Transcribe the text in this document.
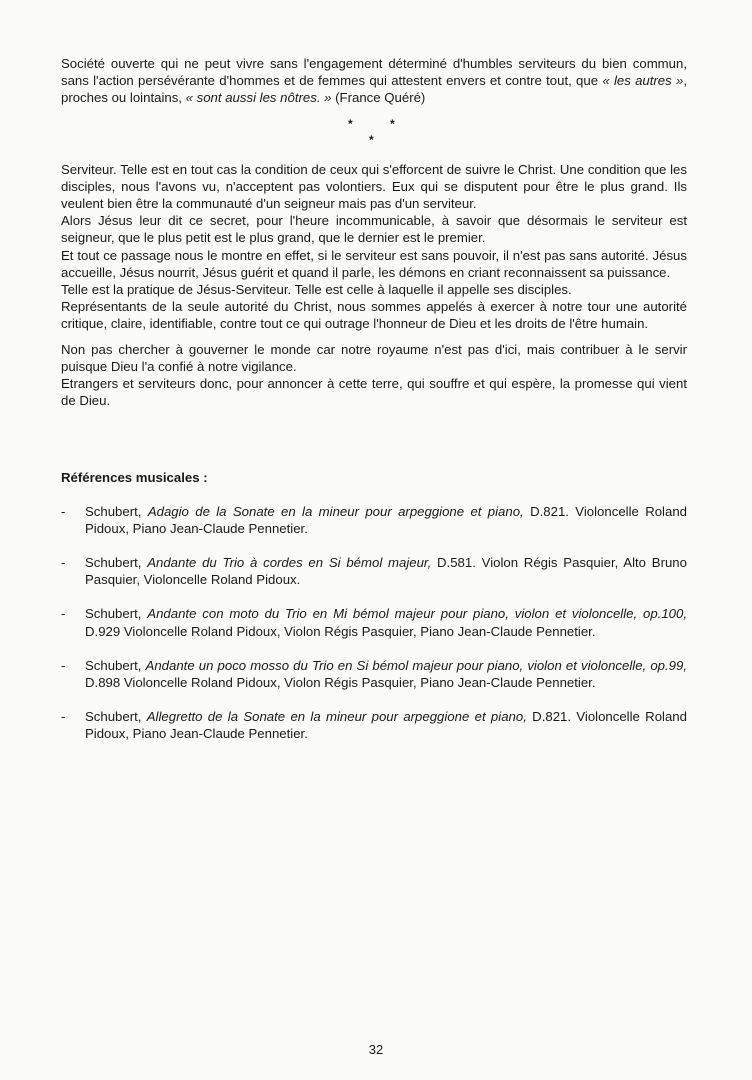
Société ouverte qui ne peut vivre sans l'engagement déterminé d'humbles serviteurs du bien commun, sans l'action persévérante d'hommes et de femmes qui attestent envers et contre tout, que « les autres », proches ou lointains, « sont aussi les nôtres. » (France Quéré)

*	*
*

Serviteur. Telle est en tout cas la condition de ceux qui s'efforcent de suivre le Christ. Une condition que les disciples, nous l'avons vu, n'acceptent pas volontiers. Eux qui se disputent pour être le plus grand. Ils veulent bien être la communauté d'un seigneur mais pas d'un serviteur.

Alors Jésus leur dit ce secret, pour l'heure incommunicable, à savoir que désormais le serviteur est seigneur, que le plus petit est le plus grand, que le dernier est le premier.

Et tout ce passage nous le montre en effet, si le serviteur est sans pouvoir, il n'est pas sans autorité. Jésus accueille, Jésus nourrit, Jésus guérit et quand il parle, les démons en criant reconnaissent sa puissance.

Telle est la pratique de Jésus-Serviteur. Telle est celle à laquelle il appelle ses disciples.

Représentants de la seule autorité du Christ, nous sommes appelés à exercer à notre tour une autorité critique, claire, identifiable, contre tout ce qui outrage l'honneur de Dieu et les droits de l'être humain.

Non pas chercher à gouverner le monde car notre royaume n'est pas d'ici, mais contribuer à le servir puisque Dieu l'a confié à notre vigilance.

Etrangers et serviteurs donc, pour annoncer à cette terre, qui souffre et qui espère, la promesse qui vient de Dieu.

Références musicales :

- Schubert, Adagio de la Sonate en la mineur pour arpeggione et piano, D.821. Violoncelle Roland Pidoux, Piano Jean-Claude Pennetier.
- Schubert, Andante du Trio à cordes en Si bémol majeur, D.581. Violon Régis Pasquier, Alto Bruno Pasquier, Violoncelle Roland Pidoux.
- Schubert, Andante con moto du Trio en Mi bémol majeur pour piano, violon et violoncelle, op.100, D.929 Violoncelle Roland Pidoux, Violon Régis Pasquier, Piano Jean-Claude Pennetier.
- Schubert, Andante un poco mosso du Trio en Si bémol majeur pour piano, violon et violoncelle, op.99, D.898 Violoncelle Roland Pidoux, Violon Régis Pasquier, Piano Jean-Claude Pennetier.
- Schubert, Allegretto de la Sonate en la mineur pour arpeggione et piano, D.821. Violoncelle Roland Pidoux, Piano Jean-Claude Pennetier.
32
